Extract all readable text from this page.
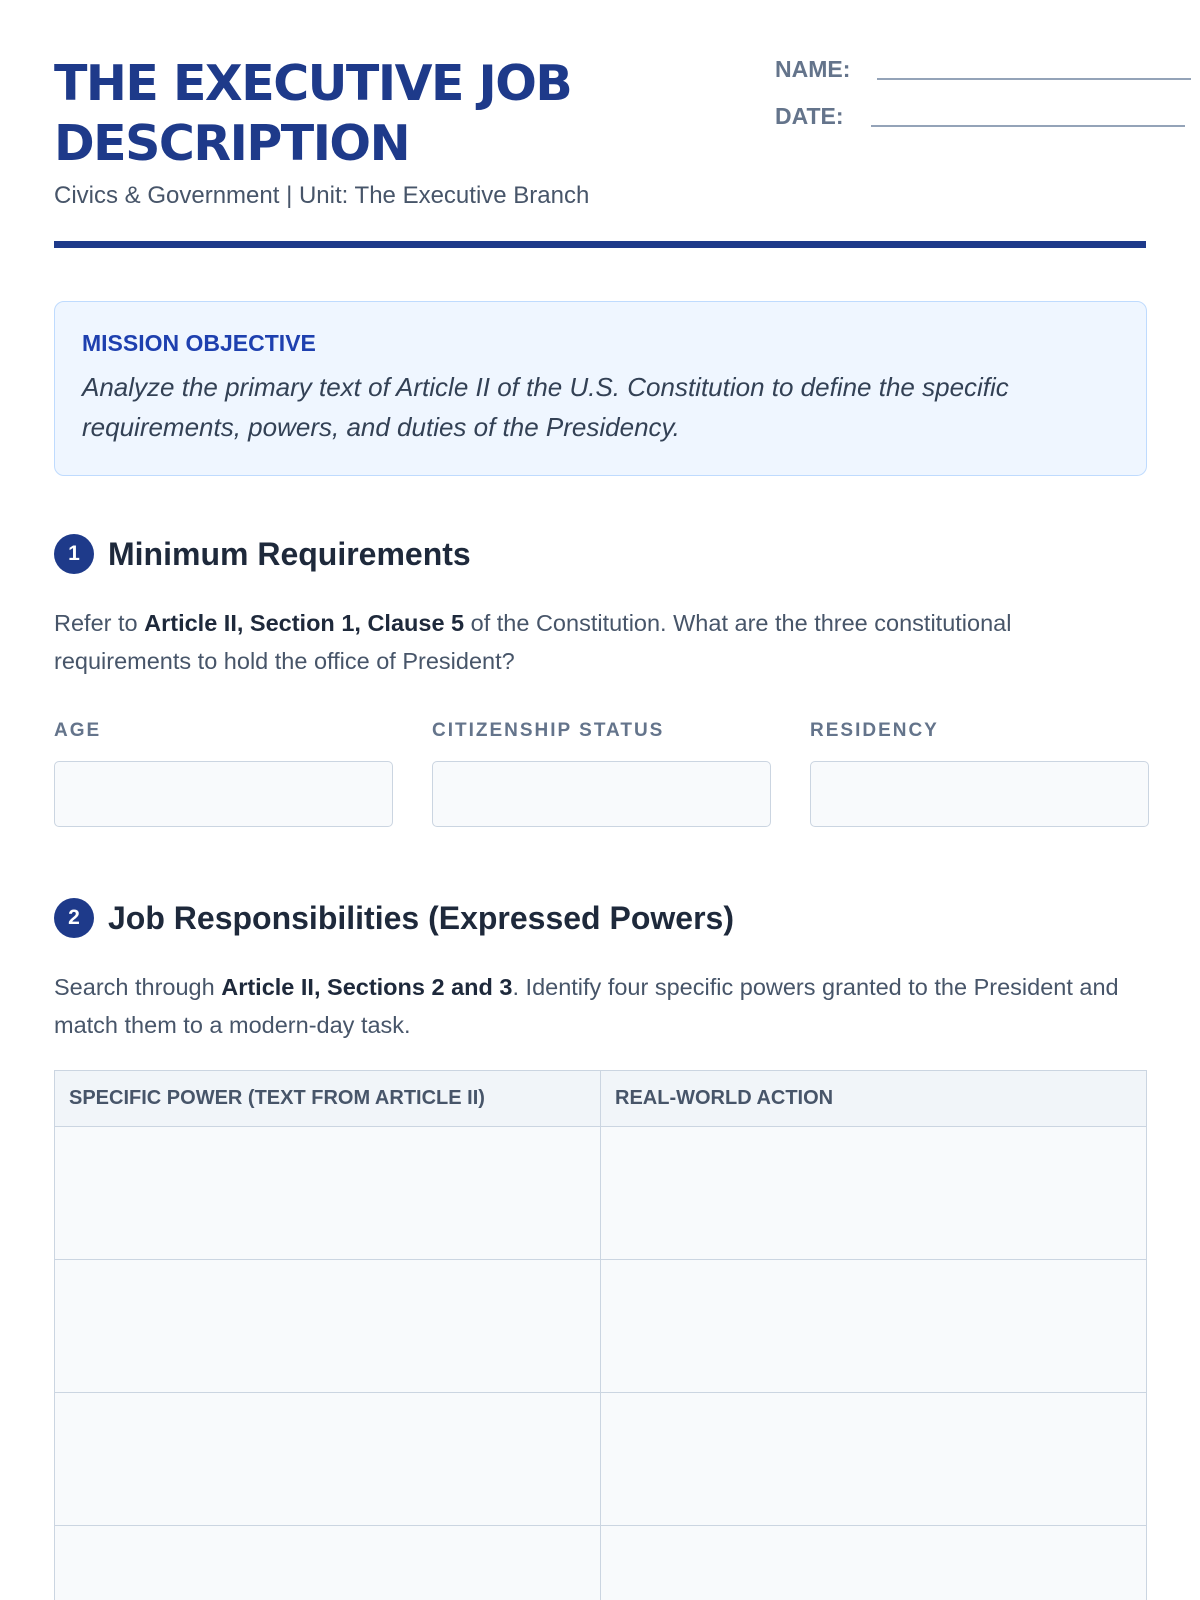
THE EXECUTIVE JOB DESCRIPTION
Civics & Government | Unit: The Executive Branch
NAME:
DATE:
MISSION OBJECTIVE
Analyze the primary text of Article II of the U.S. Constitution to define the specific requirements, powers, and duties of the Presidency.
1 Minimum Requirements

Refer to Article II, Section 1, Clause 5 of the Constitution. What are the three constitutional requirements to hold the office of President?

AGE	CITIZENSHIP STATUS	RESIDENCY
2 Job Responsibilities (Expressed Powers)

Search through Article II, Sections 2 and 3. Identify four specific powers granted to the President and match them to a modern-day task.

SPECIFIC POWER (TEXT FROM ARTICLE II)	REAL-WORLD ACTION
